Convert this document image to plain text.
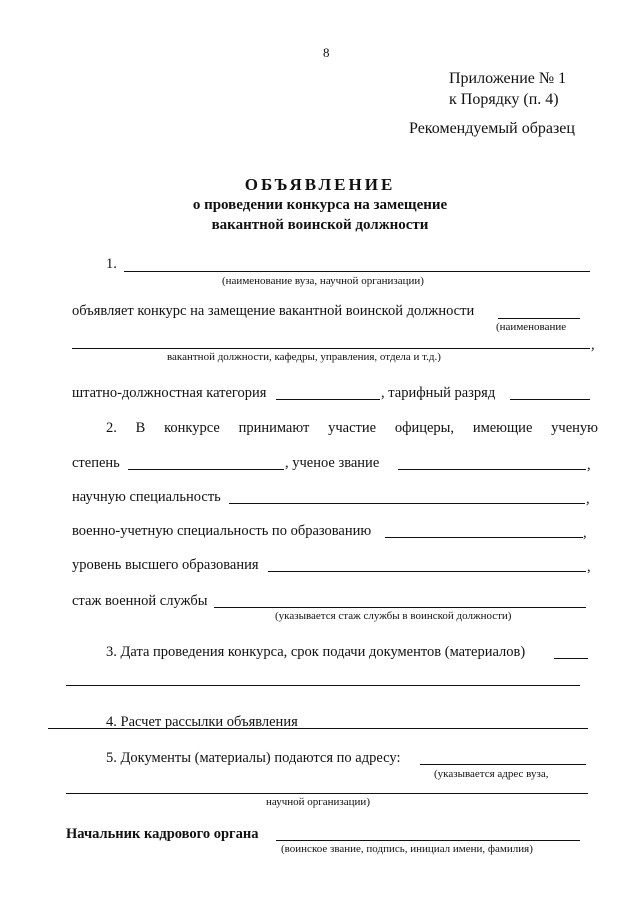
8
Приложение № 1
к Порядку (п. 4)
Рекомендуемый образец
ОБЪЯВЛЕНИЕ
о проведении конкурса на замещение
вакантной воинской должности
1.
(наименование вуза, научной организации)
объявляет конкурс на замещение вакантной воинской должности
(наименование
,
вакантной должности, кафедры, управления, отдела и т.д.)
штатно-должностная категория	, тарифный разряд
2. В конкурсе принимают участие офицеры, имеющие ученую
степень	, ученое звание	,
научную специальность	,
военно-учетную специальность по образованию	,
уровень высшего образования	,
стаж военной службы
(указывается стаж службы в воинской должности)
3. Дата проведения конкурса, срок подачи документов (материалов)
4. Расчет рассылки объявления
5. Документы (материалы) подаются по адресу:
(указывается адрес вуза,
научной организации)
Начальник кадрового органа
(воинское звание, подпись, инициал имени, фамилия)
